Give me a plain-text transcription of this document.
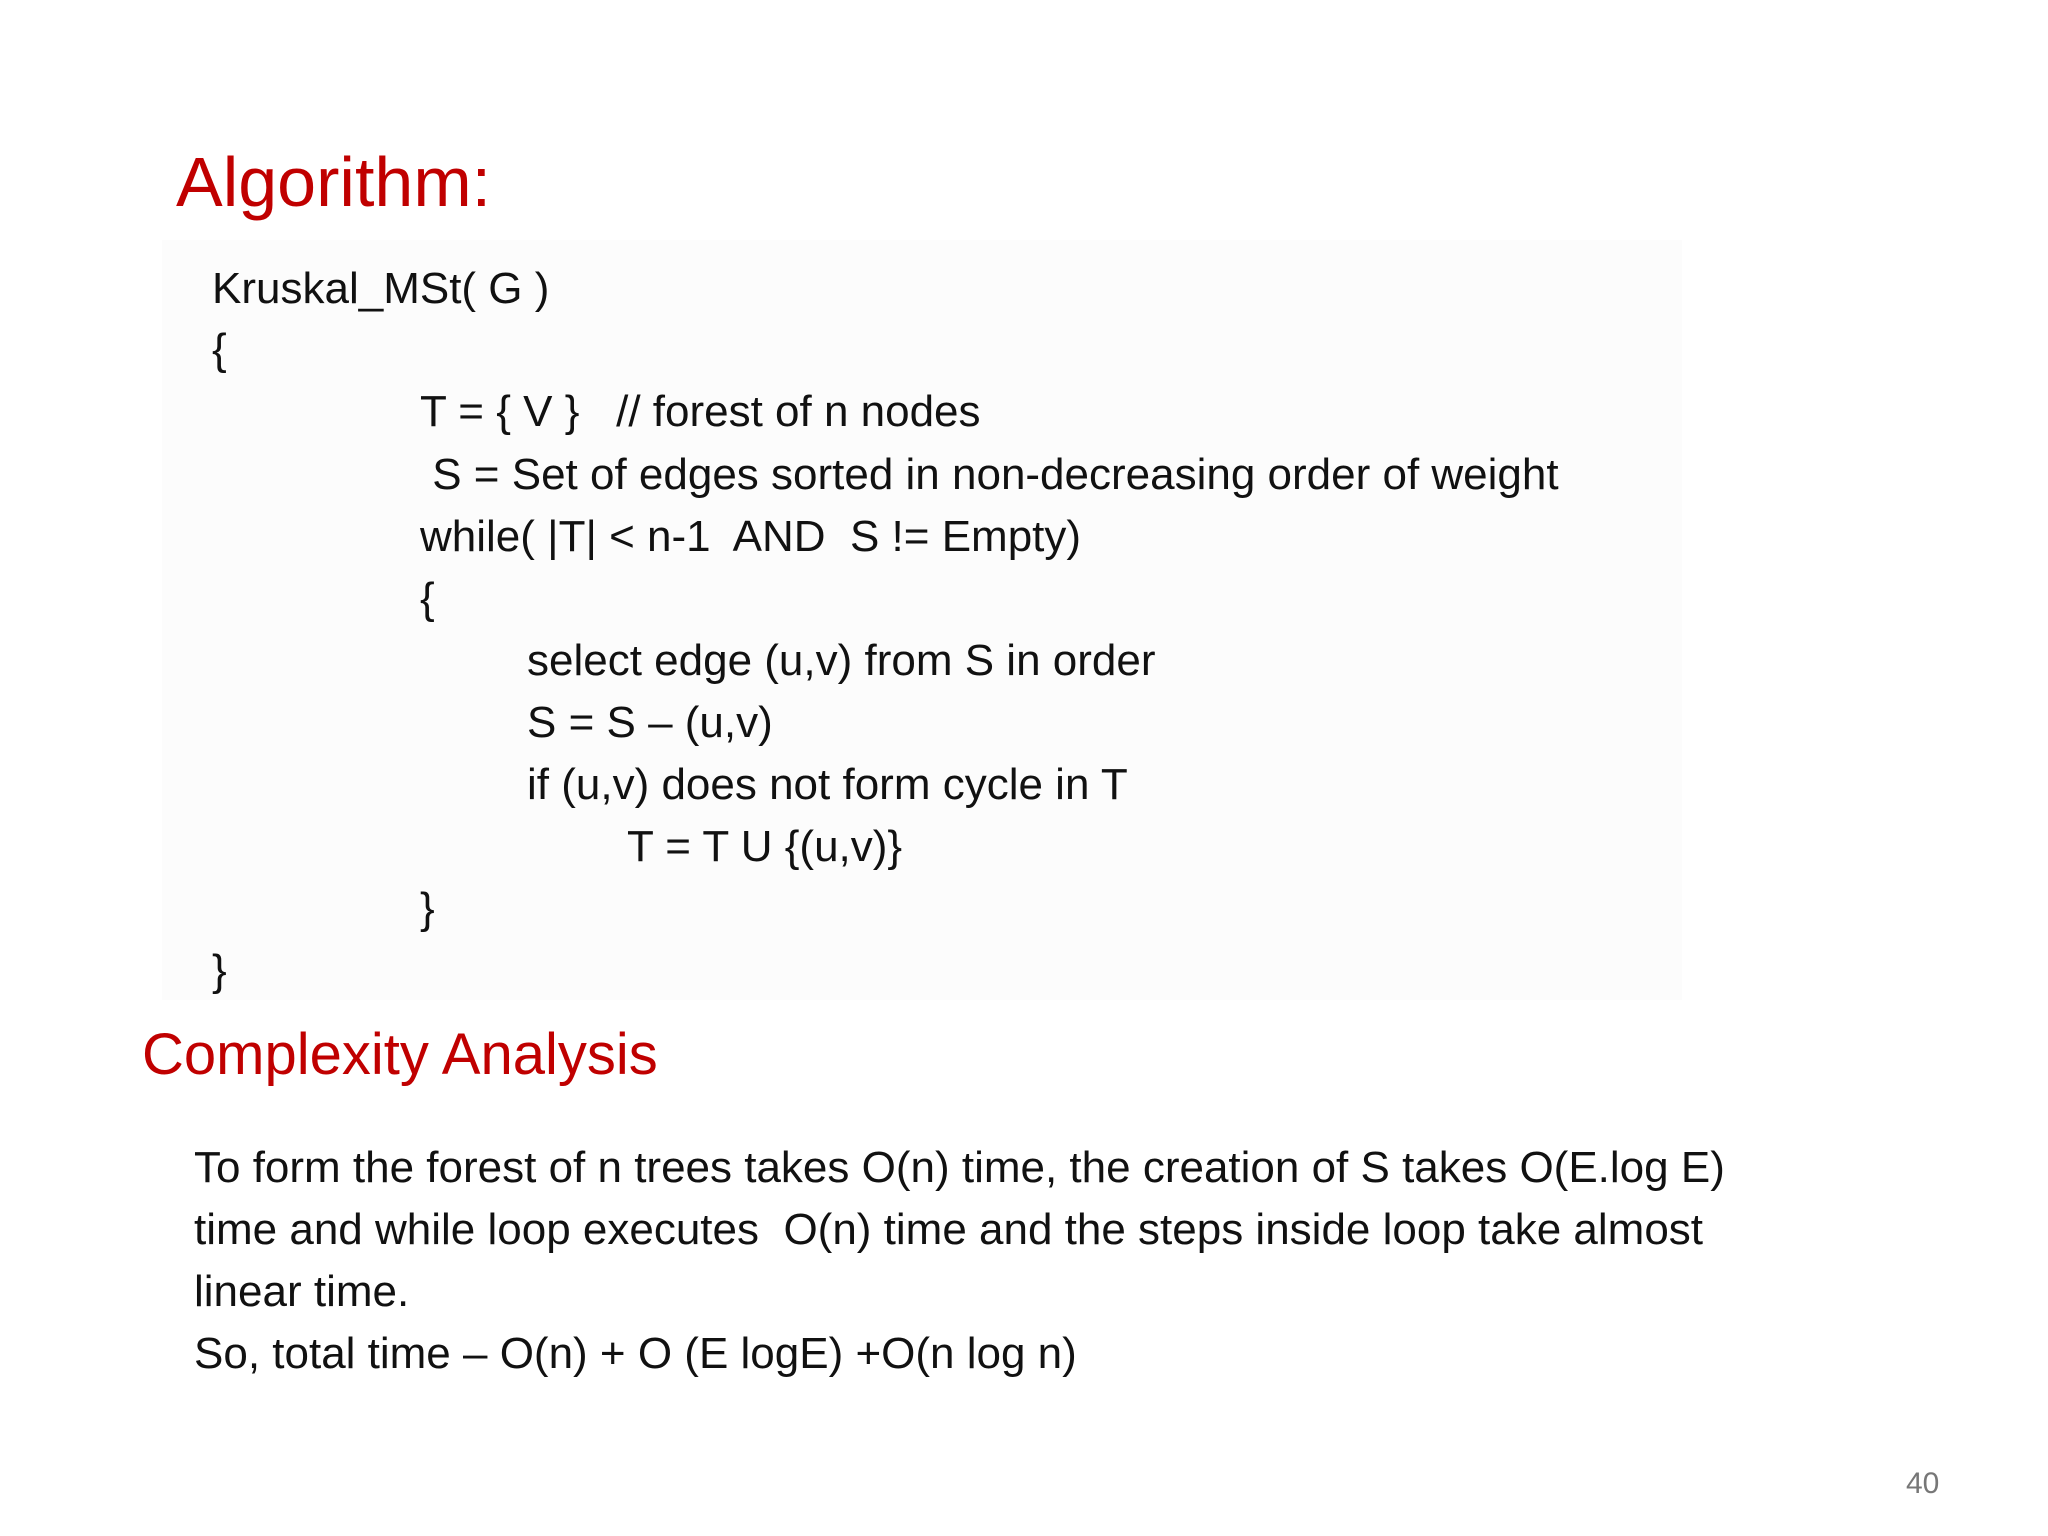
Algorithm:
Kruskal_MSt( G )
{
T = { V }   // forest of n nodes
S = Set of edges sorted in non-decreasing order of weight
while( |T| < n-1  AND  S != Empty)
{
select edge (u,v) from S in order
S = S – (u,v)
if (u,v) does not form cycle in T
T = T U {(u,v)}
}
}
Complexity Analysis
To form the forest of n trees takes O(n) time, the creation of S takes O(E.log E)
time and while loop executes  O(n) time and the steps inside loop take almost
linear time.
So, total time – O(n) + O (E logE) +O(n log n)
40
